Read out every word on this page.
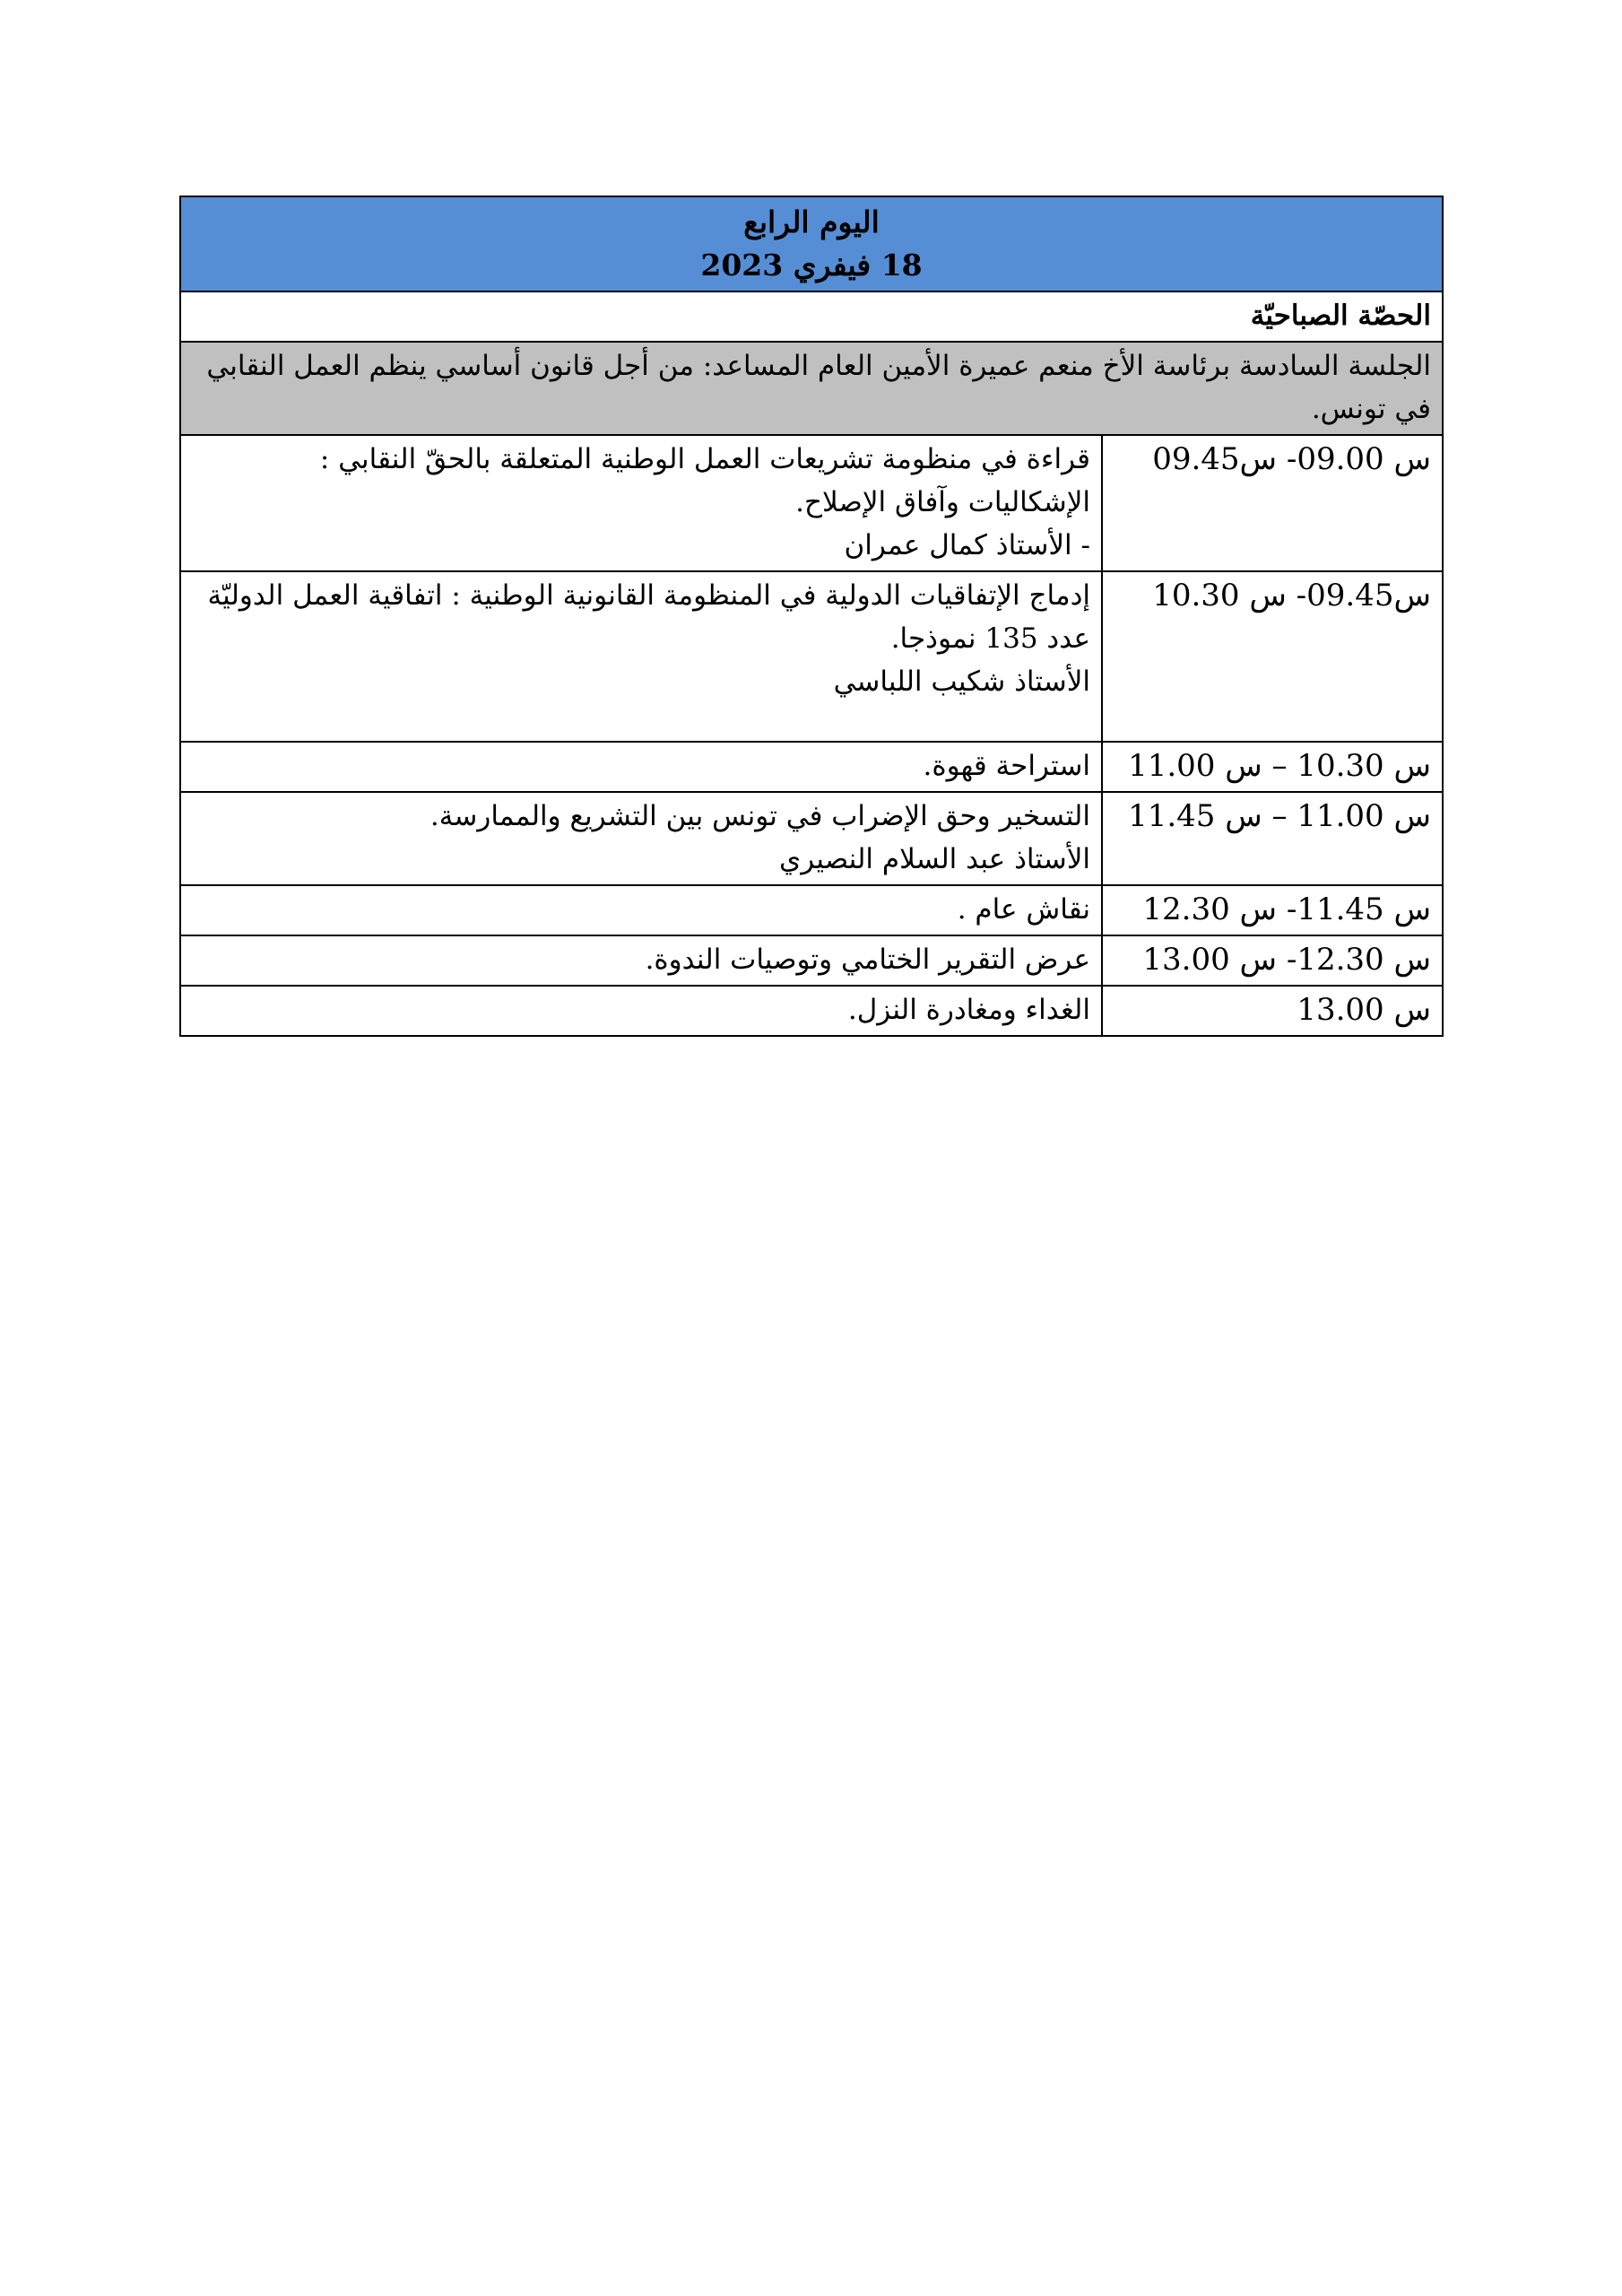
اليوم الرابع
18 فيفري 2023	

الحصّة الصباحيّة	
الجلسة السادسة برئاسة الأخ منعم عميرة الأمين العام المساعد: من أجل قانون أساسي ينظم العمل النقابي في تونس.	
س 09.00- س09.45	قراءة في منظومة تشريعات العمل الوطنية المتعلقة بالحقّ النقابي :
الإشكاليات وآفاق الإصلاح.
- الأستاذ كمال عمران

س09.45- س 10.30	إدماج الإتفاقيات الدولية في المنظومة القانونية الوطنية : اتفاقية العمل الدوليّة عدد 135 نموذجا.
الأستاذ شكيب اللباسي

س 10.30 – س 11.00	استراحة قهوة.

س 11.00 – س 11.45	التسخير وحق الإضراب في تونس بين التشريع والممارسة.
الأستاذ عبد السلام النصيري

س 11.45- س 12.30	نقاش عام .

س 12.30- س 13.00	عرض التقرير الختامي وتوصيات الندوة.

س 13.00	الغداء ومغادرة النزل.
